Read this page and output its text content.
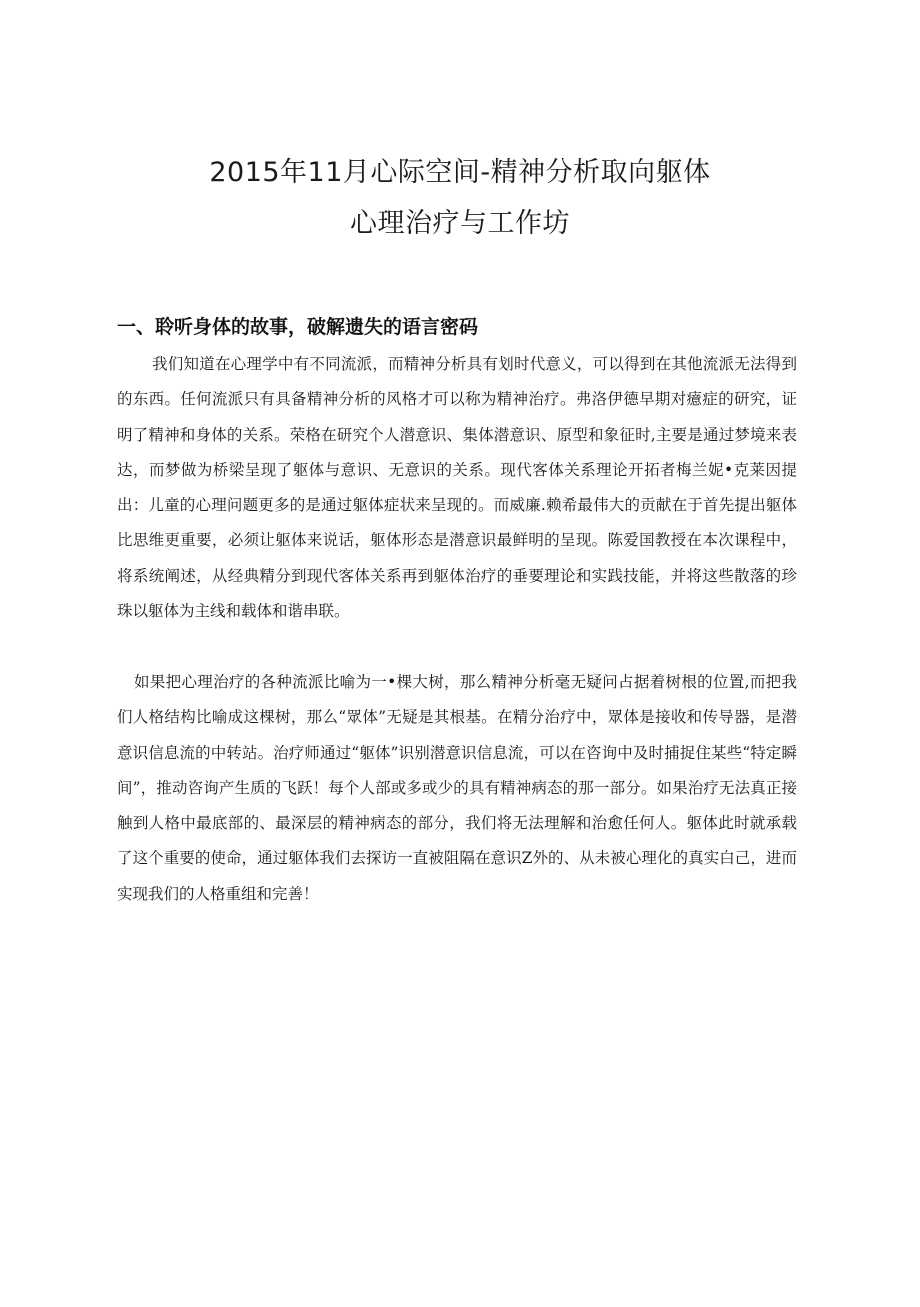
2015年11月心际空间-精神分析取向躯体
心理治疗与工作坊
一、聆听身体的故事，破解遗失的语言密码

我们知道在心理学中有不同流派，而精神分析具有划时代意义，可以得到在其他流派无法得到的东西。任何流派只有具备精神分析的风格才可以称为精神治疗。弗洛伊德早期对癔症的研究，证明了精神和身体的关系。荣格在研究个人潜意识、集体潜意识、原型和象征时,主要是通过梦境来表达，而梦做为桥梁呈现了躯体与意识、无意识的关系。现代客体关系理论开拓者梅兰妮•克莱因提出：儿童的心理问题更多的是通过躯体症状来呈现的。而威廉.赖希最伟大的贡献在于首先提出躯体比思维更重要，必须让躯体来说话，躯体形态是潜意识最鲜明的呈现。陈爱国教授在本次课程中，将系统阐述，从经典精分到现代客体关系再到躯体治疗的垂要理论和实践技能，并将这些散落的珍珠以躯体为主线和载体和谐串联。

如果把心理治疗的各种流派比喻为一•棵大树，那么精神分析毫无疑问占据着树根的位置,而把我们人格结构比喻成这棵树，那么“眾体”无疑是其根基。在精分治疗中，眾体是接收和传导器，是潜意识信息流的中转站。治疗师通过“躯体”识别潜意识信息流，可以在咨询中及时捕捉住某些“特定瞬间”，推动咨询产生质的飞跃！每个人部或多或少的具有精神病态的那一部分。如果治疗无法真正接触到人格中最底部的、最深层的精神病态的部分，我们将无法理解和治愈任何人。躯体此时就承载了这个重要的使命，通过躯体我们去探访一直被阻隔在意识Z外的、从未被心理化的真实白己，进而实现我们的人格重组和完善！
